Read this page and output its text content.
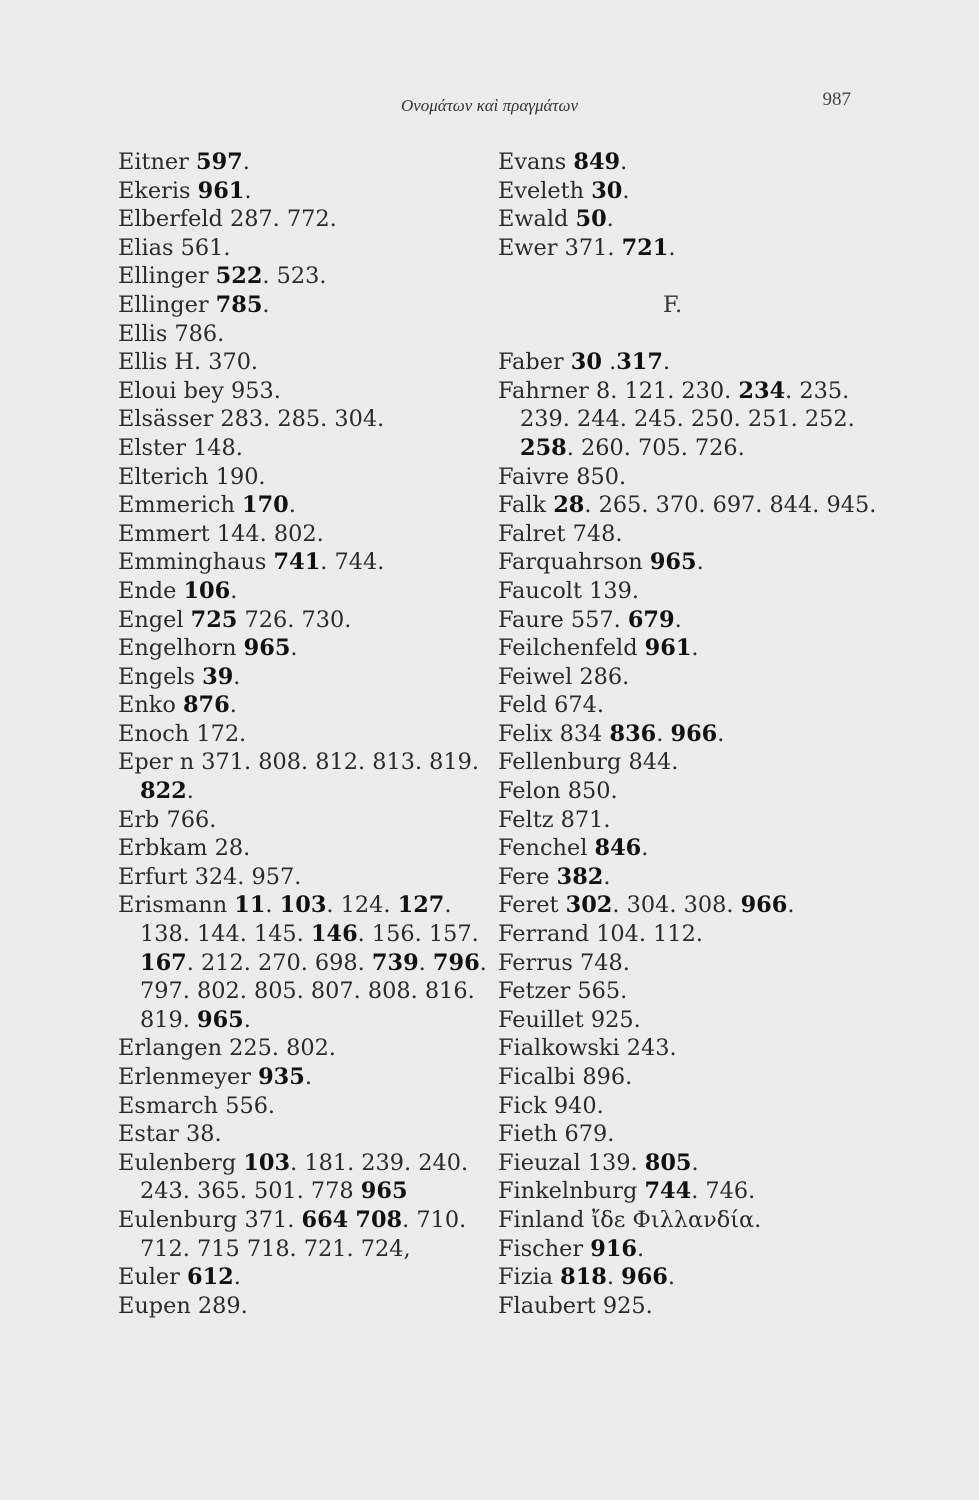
Ονομάτων καὶ πραγμάτων	987
Eitner 597.
Ekeris 961.
Elberfeld 287. 772.
Elias 561.
Ellinger 522. 523.
Ellinger 785.
Ellis 786.
Ellis H. 370.
Eloui bey 953.
Elsässer 283. 285. 304.
Elster 148.
Elterich 190.
Emmerich 170.
Emmert 144. 802.
Emminghaus 741. 744.
Ende 106.
Engel 725 726. 730.
Engelhorn 965.
Engels 39.
Enko 876.
Enoch 172.
Eper n 371. 808. 812. 813. 819.
822.
Erb 766.
Erbkam 28.
Erfurt 324. 957.
Erismann 11. 103. 124. 127.
138. 144. 145. 146. 156. 157.
167. 212. 270. 698. 739. 796.
797. 802. 805. 807. 808. 816.
819. 965.
Erlangen 225. 802.
Erlenmeyer 935.
Esmarch 556.
Estar 38.
Eulenberg 103. 181. 239. 240.
243. 365. 501. 778 965
Eulenburg 371. 664 708. 710.
712. 715 718. 721. 724,
Euler 612.
Eupen 289.
Evans 849.
Eveleth 30.
Ewald 50.
Ewer 371. 721.
F.
Faber 30 .317.
Fahrner 8. 121. 230. 234. 235.
239. 244. 245. 250. 251. 252.
258. 260. 705. 726.
Faivre 850.
Falk 28. 265. 370. 697. 844. 945.
Falret 748.
Farquahrson 965.
Faucolt 139.
Faure 557. 679.
Feilchenfeld 961.
Feiwel 286.
Feld 674.
Felix 834 836. 966.
Fellenburg 844.
Felon 850.
Feltz 871.
Fenchel 846.
Fere 382.
Feret 302. 304. 308. 966.
Ferrand 104. 112.
Ferrus 748.
Fetzer 565.
Feuillet 925.
Fialkowski 243.
Ficalbi 896.
Fick 940.
Fieth 679.
Fieuzal 139. 805.
Finkelnburg 744. 746.
Finland ἴδε Φιλλανδία.
Fischer 916.
Fizia 818. 966.
Flaubert 925.
